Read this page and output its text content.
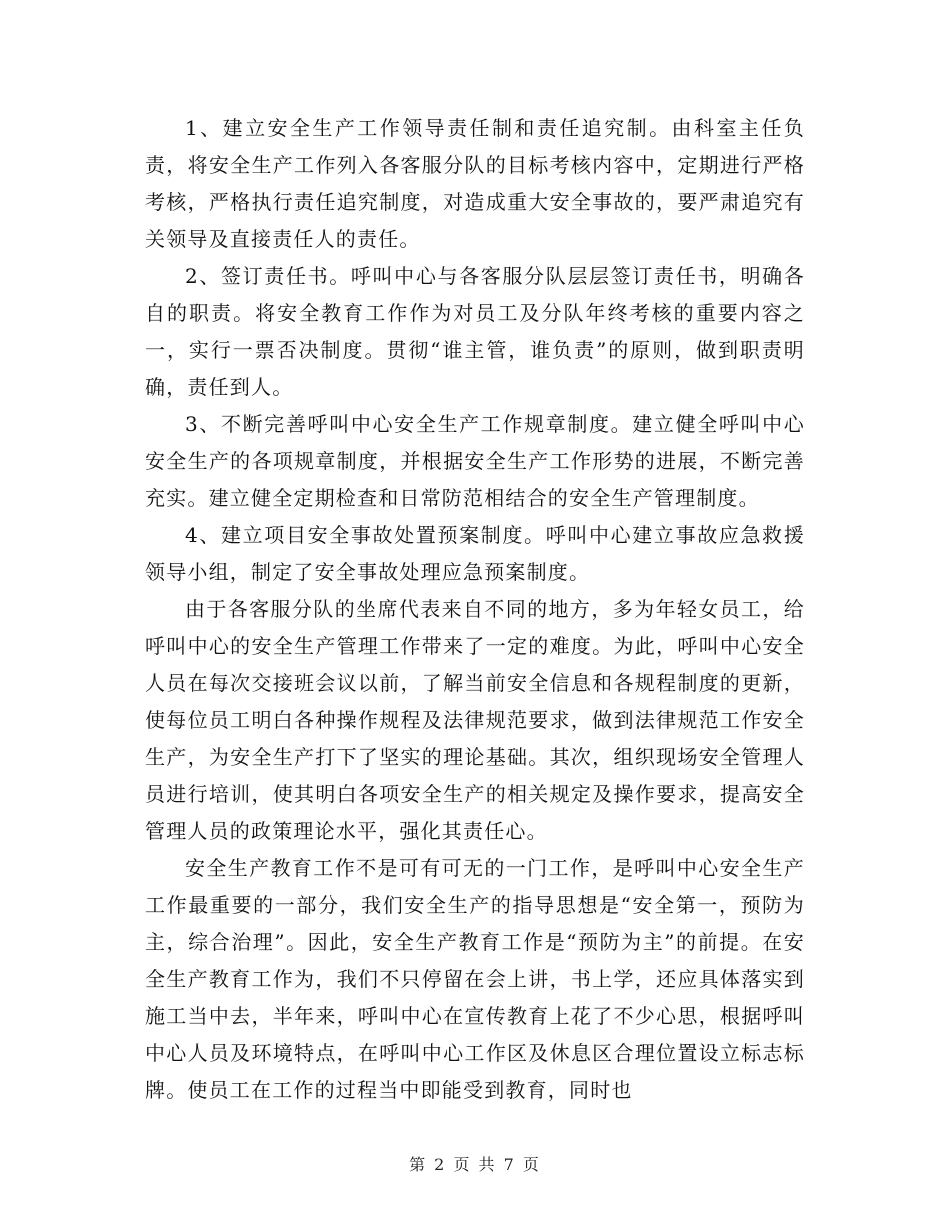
1、建立安全生产工作领导责任制和责任追究制。由科室主任负责，将安全生产工作列入各客服分队的目标考核内容中，定期进行严格考核，严格执行责任追究制度，对造成重大安全事故的，要严肃追究有关领导及直接责任人的责任。

2、签订责任书。呼叫中心与各客服分队层层签订责任书，明确各自的职责。将安全教育工作作为对员工及分队年终考核的重要内容之一，实行一票否决制度。贯彻“谁主管，谁负责”的原则，做到职责明确，责任到人。

3、不断完善呼叫中心安全生产工作规章制度。建立健全呼叫中心安全生产的各项规章制度，并根据安全生产工作形势的进展，不断完善充实。建立健全定期检查和日常防范相结合的安全生产管理制度。

4、建立项目安全事故处置预案制度。呼叫中心建立事故应急救援领导小组，制定了安全事故处理应急预案制度。

由于各客服分队的坐席代表来自不同的地方，多为年轻女员工，给呼叫中心的安全生产管理工作带来了一定的难度。为此，呼叫中心安全人员在每次交接班会议以前，了解当前安全信息和各规程制度的更新，使每位员工明白各种操作规程及法律规范要求，做到法律规范工作安全生产，为安全生产打下了坚实的理论基础。其次，组织现场安全管理人员进行培训，使其明白各项安全生产的相关规定及操作要求，提高安全管理人员的政策理论水平，强化其责任心。

安全生产教育工作不是可有可无的一门工作，是呼叫中心安全生产工作最重要的一部分，我们安全生产的指导思想是“安全第一，预防为主，综合治理”。因此，安全生产教育工作是“预防为主”的前提。在安全生产教育工作为，我们不只停留在会上讲，书上学，还应具体落实到施工当中去，半年来，呼叫中心在宣传教育上花了不少心思，根据呼叫中心人员及环境特点，在呼叫中心工作区及休息区合理位置设立标志标牌。使员工在工作的过程当中即能受到教育，同时也

第 2 页 共 7 页
